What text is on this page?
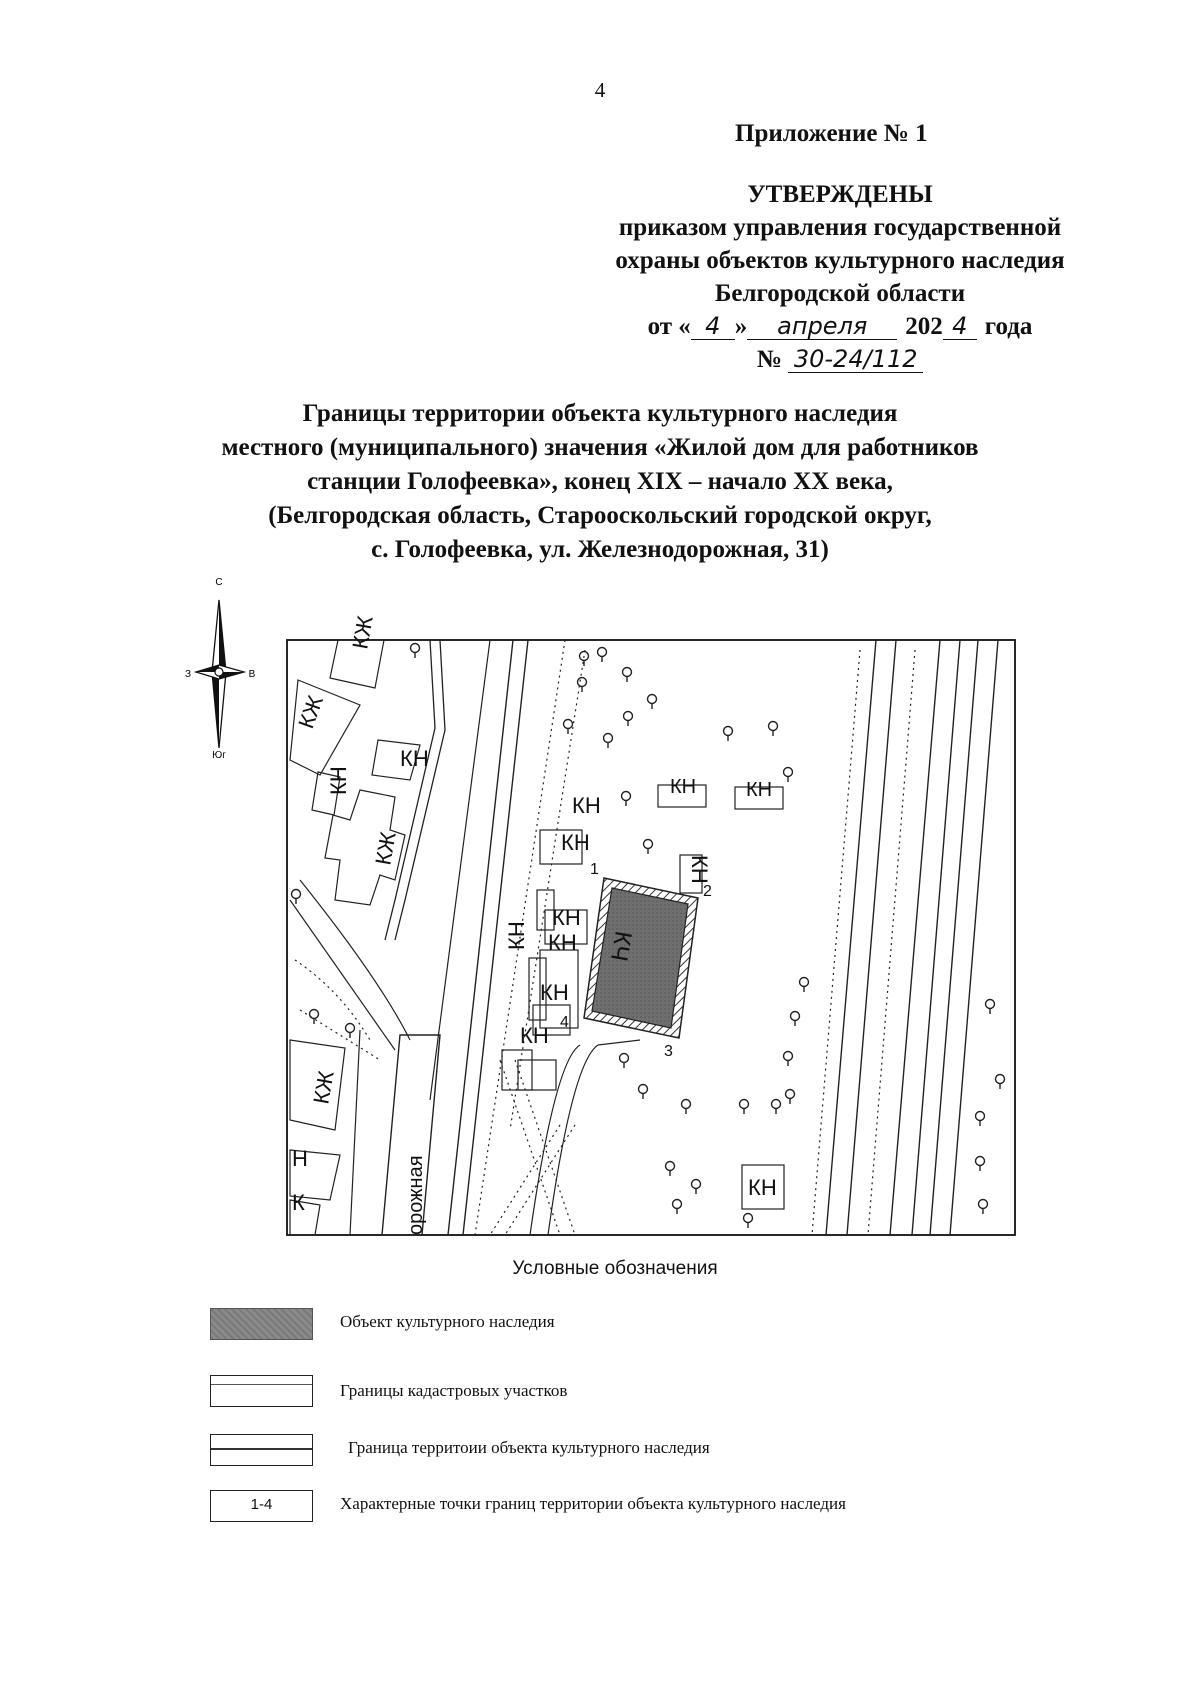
4
Приложение № 1
УТВЕРЖДЕНЫ
приказом управления государственной
охраны объектов культурного наследия
Белгородской области
от « 4 » апреля 202 4 года
№ 30-24/112
Границы территории объекта культурного наследия
местного (муниципального) значения «Жилой дом для работников
станции Голофеевка», конец XIX – начало XX века,
(Белгородская область, Старооскольский городской округ,
с. Голофеевка, ул. Железнодорожная, 31)
С
З	В
Юг	КН
КН
КН
КН КН
КН
КН
КН
КН
КН
КН
КН
КН
КЖ
КЖ
КЖ
КЖ
Н
К
КЧ
орожная
1
2
3
4
Условные обозначения
Объект культурного наследия
Границы кадастровых участков
Граница территоии объекта культурного наследия
1-4	Характерные точки границ территории объекта культурного наследия
